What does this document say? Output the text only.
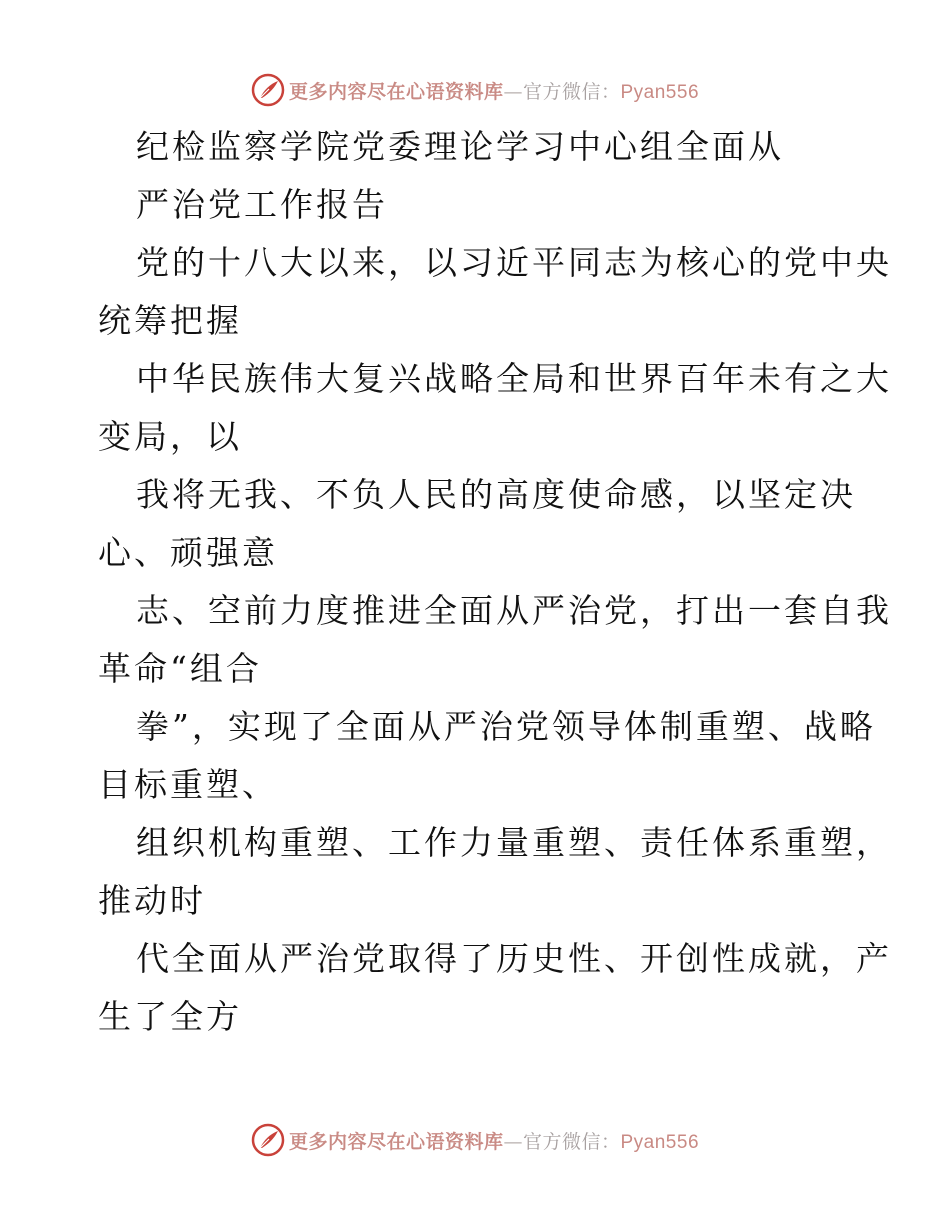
更多内容尽在心语资料库—官方微信：Pyan556
纪检监察学院党委理论学习中心组全面从
严治党工作报告
党的十八大以来，以习近平同志为核心的党中央
统筹把握
中华民族伟大复兴战略全局和世界百年未有之大
变局，以
我将无我、不负人民的高度使命感，以坚定决
心、顽强意
志、空前力度推进全面从严治党，打出一套自我
革命“组合
拳”，实现了全面从严治党领导体制重塑、战略
目标重塑、
组织机构重塑、工作力量重塑、责任体系重塑，
推动时
代全面从严治党取得了历史性、开创性成就，产
生了全方
更多内容尽在心语资料库—官方微信：Pyan556
